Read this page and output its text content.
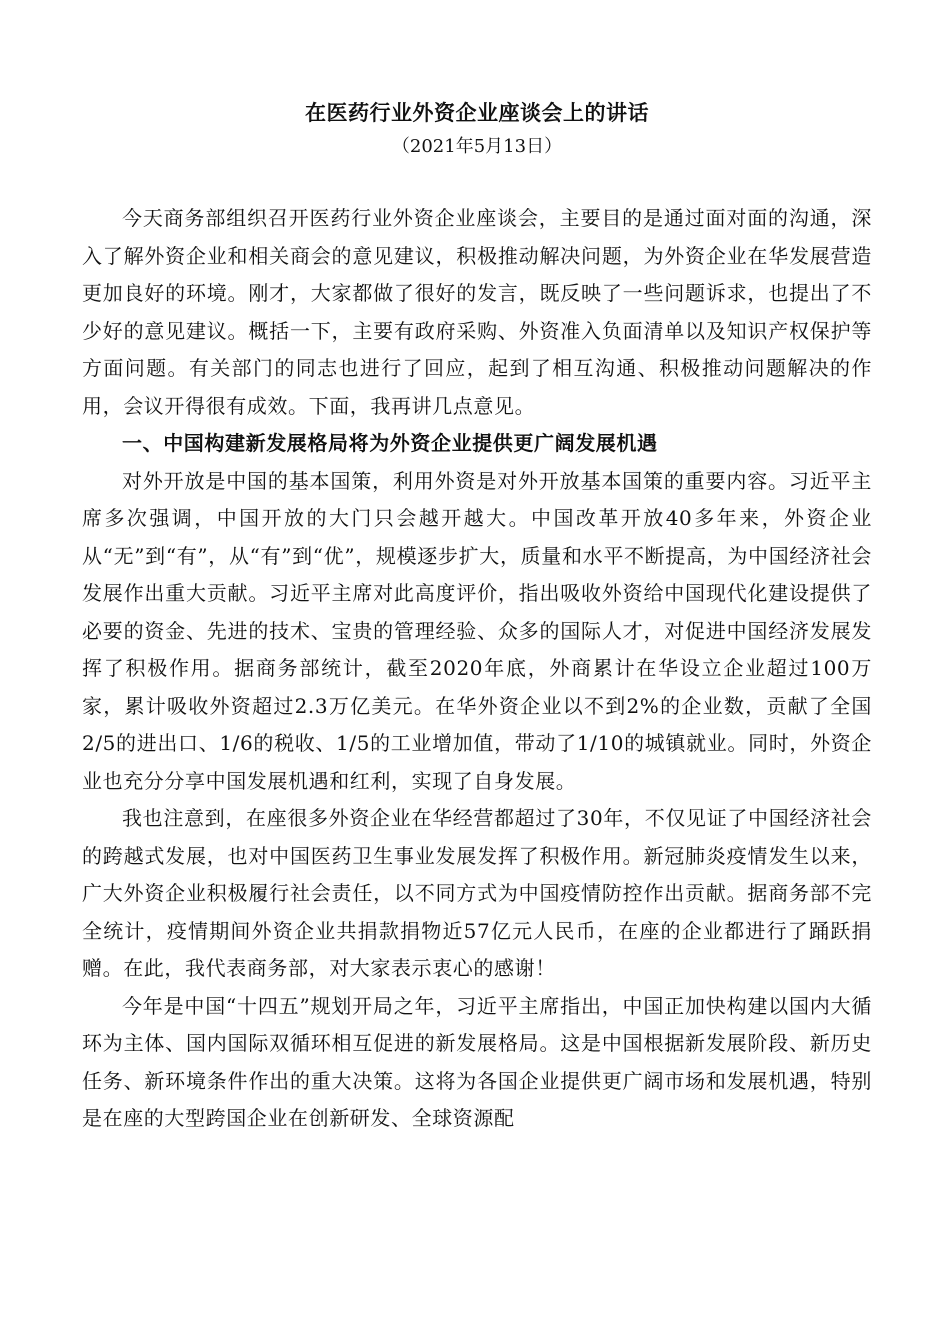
在医药行业外资企业座谈会上的讲话

（2021年5月13日）

今天商务部组织召开医药行业外资企业座谈会，主要目的是通过面对面的沟通，深入了解外资企业和相关商会的意见建议，积极推动解决问题，为外资企业在华发展营造更加良好的环境。刚才，大家都做了很好的发言，既反映了一些问题诉求，也提出了不少好的意见建议。概括一下，主要有政府采购、外资准入负面清单以及知识产权保护等方面问题。有关部门的同志也进行了回应，起到了相互沟通、积极推动问题解决的作用，会议开得很有成效。下面，我再讲几点意见。

一、中国构建新发展格局将为外资企业提供更广阔发展机遇

对外开放是中国的基本国策，利用外资是对外开放基本国策的重要内容。习近平主席多次强调，中国开放的大门只会越开越大。中国改革开放40多年来，外资企业从“无”到“有”，从“有”到“优”，规模逐步扩大，质量和水平不断提高，为中国经济社会发展作出重大贡献。习近平主席对此高度评价，指出吸收外资给中国现代化建设提供了必要的资金、先进的技术、宝贵的管理经验、众多的国际人才，对促进中国经济发展发挥了积极作用。据商务部统计，截至2020年底，外商累计在华设立企业超过100万家，累计吸收外资超过2.3万亿美元。在华外资企业以不到2%的企业数，贡献了全国2/5的进出口、1/6的税收、1/5的工业增加值，带动了1/10的城镇就业。同时，外资企业也充分分享中国发展机遇和红利，实现了自身发展。

我也注意到，在座很多外资企业在华经营都超过了30年，不仅见证了中国经济社会的跨越式发展，也对中国医药卫生事业发展发挥了积极作用。新冠肺炎疫情发生以来，广大外资企业积极履行社会责任，以不同方式为中国疫情防控作出贡献。据商务部不完全统计，疫情期间外资企业共捐款捐物近57亿元人民币，在座的企业都进行了踊跃捐赠。在此，我代表商务部，对大家表示衷心的感谢！

今年是中国“十四五”规划开局之年，习近平主席指出，中国正加快构建以国内大循环为主体、国内国际双循环相互促进的新发展格局。这是中国根据新发展阶段、新历史任务、新环境条件作出的重大决策。这将为各国企业提供更广阔市场和发展机遇，特别是在座的大型跨国企业在创新研发、全球资源配
